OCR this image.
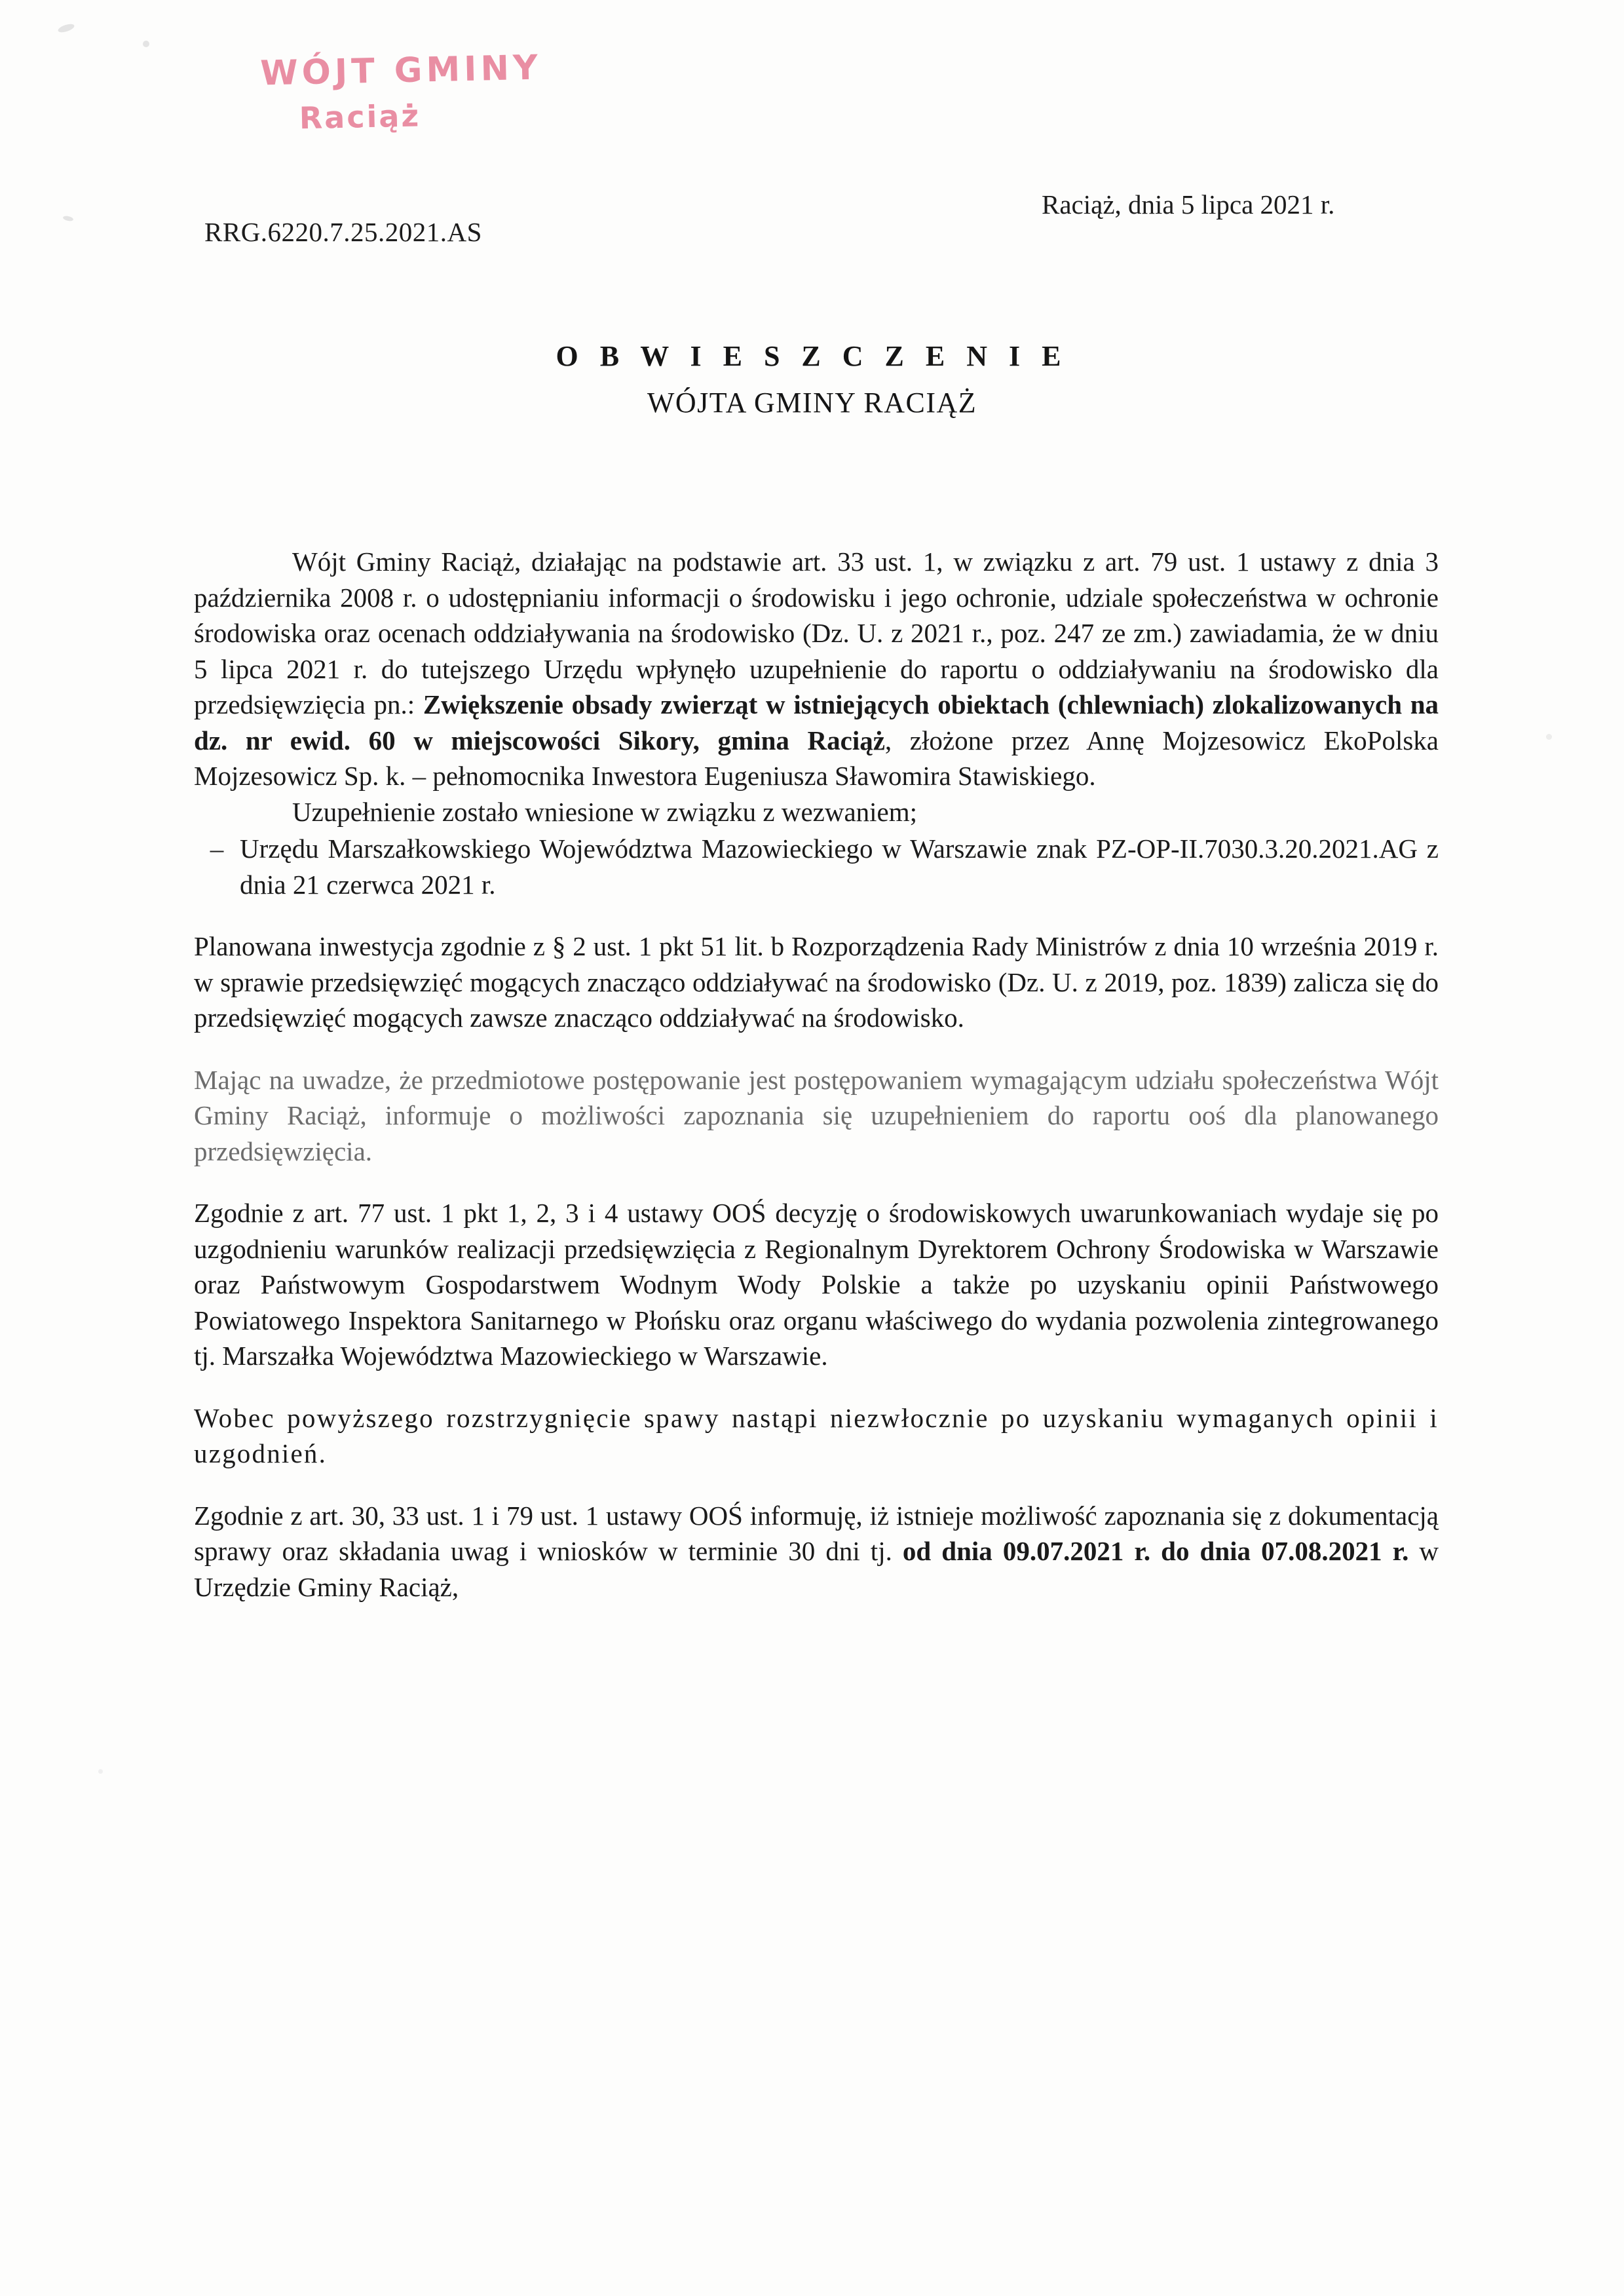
WÓJT GMINY
Raciąż
RRG.6220.7.25.2021.AS
Raciąż, dnia 5 lipca 2021 r.
O B W I E S Z C Z E N I E
WÓJTA GMINY RACIĄŻ

Wójt Gminy Raciąż, działając na podstawie art. 33 ust. 1, w związku z art. 79 ust. 1 ustawy z dnia 3 października 2008 r. o udostępnianiu informacji o środowisku i jego ochronie, udziale społeczeństwa w ochronie środowiska oraz ocenach oddziaływania na środowisko (Dz. U. z 2021 r., poz. 247 ze zm.) zawiadamia, że w dniu 5 lipca 2021 r. do tutejszego Urzędu wpłynęło uzupełnienie do raportu o oddziaływaniu na środowisko dla przedsięwzięcia pn.: Zwiększenie obsady zwierząt w istniejących obiektach (chlewniach) zlokalizowanych na dz. nr ewid. 60 w miejscowości Sikory, gmina Raciąż, złożone przez Annę Mojzesowicz EkoPolska Mojzesowicz Sp. k. – pełnomocnika Inwestora Eugeniusza Sławomira Stawiskiego.

Uzupełnienie zostało wniesione w związku z wezwaniem;

– Urzędu Marszałkowskiego Województwa Mazowieckiego w Warszawie znak PZ-OP-II.7030.3.20.2021.AG z dnia 21 czerwca 2021 r.

Planowana inwestycja zgodnie z § 2 ust. 1 pkt 51 lit. b Rozporządzenia Rady Ministrów z dnia 10 września 2019 r. w sprawie przedsięwzięć mogących znacząco oddziaływać na środowisko (Dz. U. z 2019, poz. 1839) zalicza się do przedsięwzięć mogących zawsze znacząco oddziaływać na środowisko.

Mając na uwadze, że przedmiotowe postępowanie jest postępowaniem wymagającym udziału społeczeństwa Wójt Gminy Raciąż, informuje o możliwości zapoznania się uzupełnieniem do raportu ooś dla planowanego przedsięwzięcia.

Zgodnie z art. 77 ust. 1 pkt 1, 2, 3 i 4 ustawy OOŚ decyzję o środowiskowych uwarunkowaniach wydaje się po uzgodnieniu warunków realizacji przedsięwzięcia z Regionalnym Dyrektorem Ochrony Środowiska w Warszawie oraz Państwowym Gospodarstwem Wodnym Wody Polskie a także po uzyskaniu opinii Państwowego Powiatowego Inspektora Sanitarnego w Płońsku oraz organu właściwego do wydania pozwolenia zintegrowanego tj. Marszałka Województwa Mazowieckiego w Warszawie.

Wobec powyższego rozstrzygnięcie spawy nastąpi niezwłocznie po uzyskaniu wymaganych opinii i uzgodnień.

Zgodnie z art. 30, 33 ust. 1 i 79 ust. 1 ustawy OOŚ informuję, iż istnieje możliwość zapoznania się z dokumentacją sprawy oraz składania uwag i wniosków w terminie 30 dni tj. od dnia 09.07.2021 r. do dnia 07.08.2021 r. w Urzędzie Gminy Raciąż,
